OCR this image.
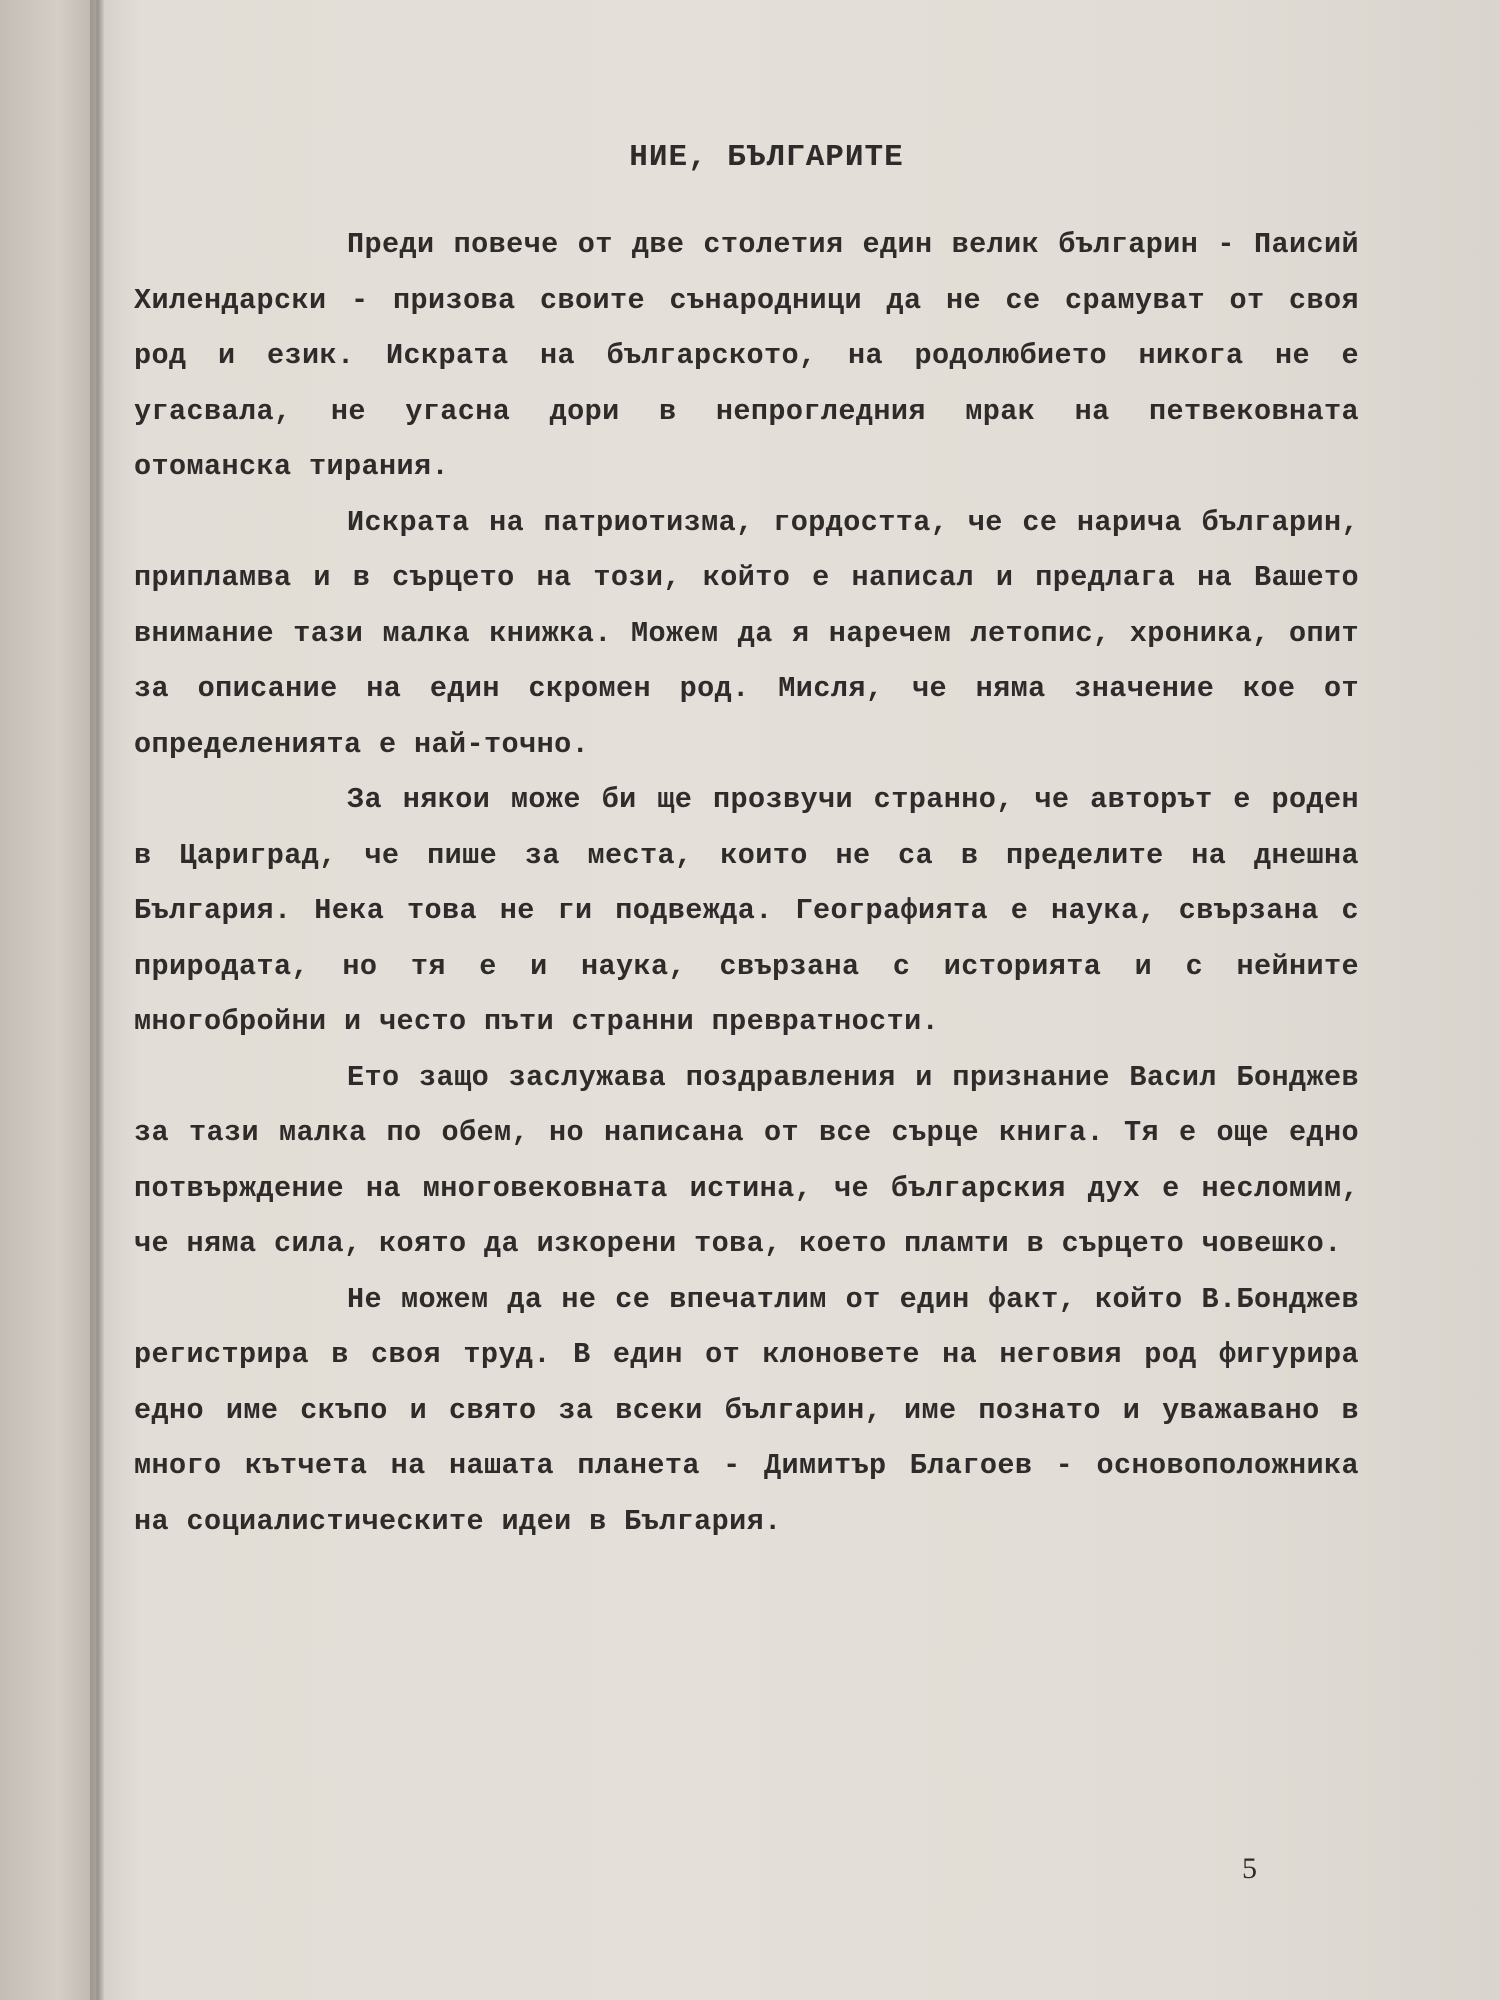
НИЕ, БЪЛГАРИТЕ

Преди повече от две столетия един велик българин - Паисий Хилендарски - призова своите сънародници да не се срамуват от своя род и език. Искрата на българското, на родолюбието никога не е угасвала, не угасна дори в непрогледния мрак на петвековната отоманска тирания.

Искрата на патриотизма, гордостта, че се нарича българин, припламва и в сърцето на този, който е написал и предлага на Вашето внимание тази малка книжка. Можем да я наречем летопис, хроника, опит за описание на един скромен род. Мисля, че няма значение кое от определенията е най-точно.

За някои може би ще прозвучи странно, че авторът е роден в Цариград, че пише за места, които не са в пределите на днешна България. Нека това не ги подвежда. Географията е наука, свързана с природата, но тя е и наука, свързана с историята и с нейните многобройни и често пъти странни превратности.

Ето защо заслужава поздравления и признание Васил Бонджев за тази малка по обем, но написана от все сърце книга. Тя е още едно потвърждение на многовековната истина, че българския дух е несломим, че няма сила, която да изкорени това, което пламти в сърцето човешко.

Не можем да не се впечатлим от един факт, който В.Бонджев регистрира в своя труд. В един от клоновете на неговия род фигурира едно име скъпо и свято за всеки българин, име познато и уважавано в много кътчета на нашата планета - Димитър Благоев - основоположника на социалистическите идеи в България.

5
